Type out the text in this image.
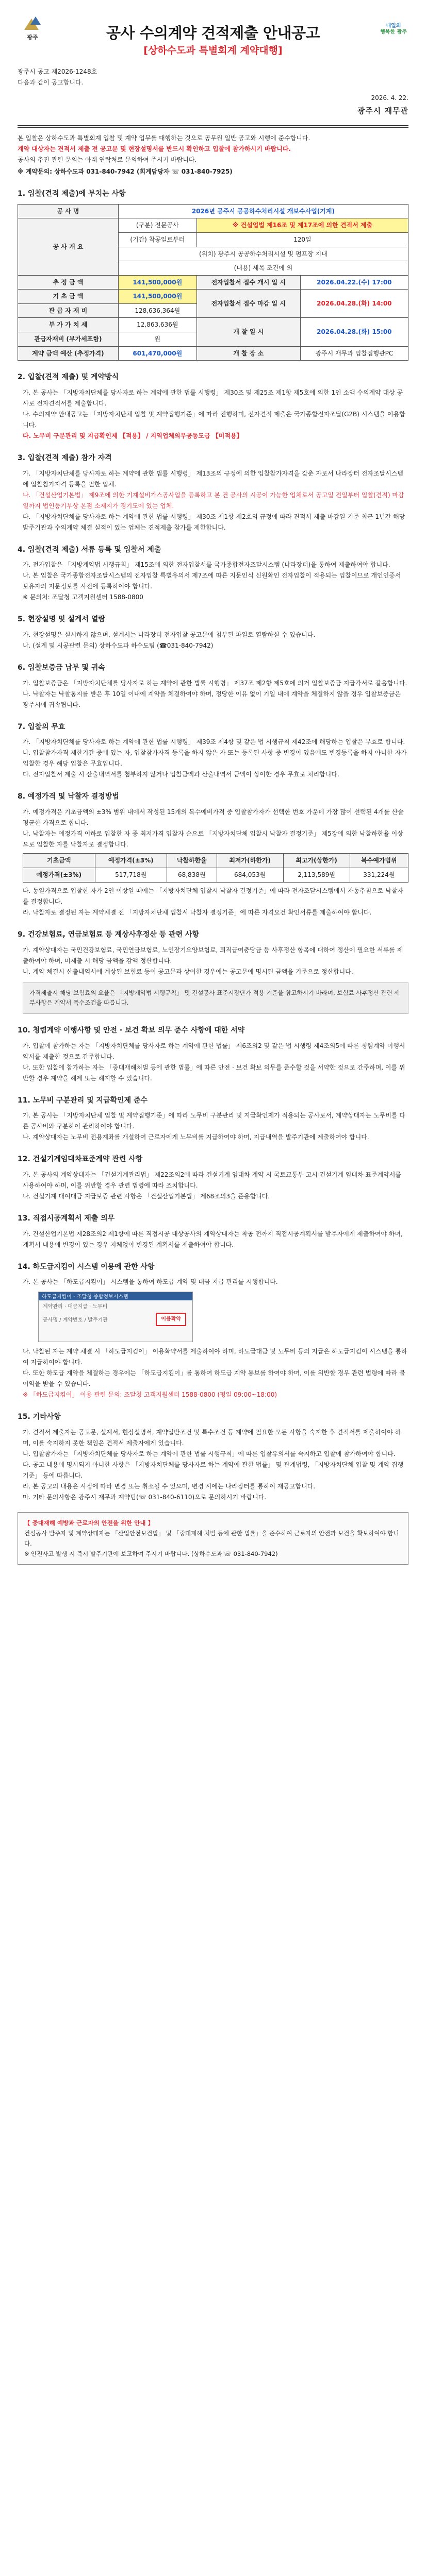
광주	공사 수의계약 견적제출 안내공고
[상하수도과 특별회계 계약대행]
내일의
행복한 광주
광주시 공고 제2026-1248호
다음과 같이 공고합니다.
2026. 4. 22.
광주시 재무관
본 입찰은 상하수도과 특별회계 입찰 및 계약 업무를 대행하는 것으로 공무원 일반 공고와 시행에 준수합니다.
계약 대상자는 견적서 제출 전 공고문 및 현장설명서를 반드시 확인하고 입찰에 참가하시기 바랍니다.
공사의 추진 관련 문의는 아래 연락처로 문의하여 주시기 바랍니다.
※ 계약문의: 상하수도과 031-840-7942 (회계담당자 ☏ 031-840-7925)
1. 입찰(견적 제출)에 부치는 사항
공 사 명	2026년 공주시 공공하수처리시설 개보수사업(기계)		
공 사 개 요	(구분) 전문공사	※ 건설업법 제16조 및 제17조에 의한 견적서 제출	
	(기간) 착공일로부터	120일	
	(위치) 광주시 공공하수처리시설 및 펌프장 지내		
	(내용) 세목 조건에 의		
추 정 금 액	141,500,000원	전자입찰서 접수 개시 일 시	2026.04.22.(수) 17:00
기 초 금 액	141,500,000원	전자입찰서 접수 마감 일 시	2026.04.28.(화) 14:00
관 급 자 재 비	128,636,364원		
부 가 가 치 세	12,863,636원	개 찰 일 시	2026.04.28.(화) 15:00
관급자재비 (부가세포함)	원		
계약 금액 예산 (추정가격)	601,470,000원	개 찰 장 소	광주시 재무과 입찰집행관PC
2. 입찰(견적 제출) 및 계약방식
가. 본 공사는 「지방자치단체를 당사자로 하는 계약에 관한 법률 시행령」 제30조 및 제25조 제1항 제5호에 의한 1인 소액 수의계약 대상 공사로 전자견적서를 제출합니다.
나. 수의계약 안내공고는 「지방자치단체 입찰 및 계약집행기준」에 따라 진행하며, 전자견적 제출은 국가종합전자조달(G2B) 시스템을 이용합니다.
다. 노무비 구분관리 및 지급확인제 【적용】 / 지역업체의무공동도급 【미적용】
3. 입찰(견적 제출) 참가 자격
가. 「지방자치단체를 당사자로 하는 계약에 관한 법률 시행령」 제13조의 규정에 의한 입찰참가자격을 갖춘 자로서 나라장터 전자조달시스템에 입찰참가자격 등록을 필한 업체.
나. 「건설산업기본법」 제9조에 의한 기계설비가스공사업을 등록하고 본 건 공사의 시공이 가능한 업체로서 공고일 전일부터 입찰(견적) 마감일까지 법인등기부상 본점 소재지가 경기도에 있는 업체.
다. 「지방자치단체를 당사자로 하는 계약에 관한 법률 시행령」 제30조 제1항 제2호의 규정에 따라 견적서 제출 마감일 기준 최근 1년간 해당 발주기관과 수의계약 체결 실적이 있는 업체는 견적제출 참가를 제한합니다.
4. 입찰(견적 제출) 서류 등록 및 입찰서 제출
가. 전자입찰은 「지방계약법 시행규칙」 제15조에 의한 전자입찰서를 국가종합전자조달시스템 (나라장터)을 통하여 제출하여야 합니다.
나. 본 입찰은 국가종합전자조달시스템의 전자입찰 특별유의서 제7조에 따른 지문인식 신원확인 전자입찰이 적용되는 입찰이므로 개인인증서 보유자의 지문정보를 사전에 등록하여야 합니다.
※ 문의처: 조달청 고객지원센터 1588-0800
5. 현장설명 및 설계서 열람
가. 현장설명은 실시하지 않으며, 설계서는 나라장터 전자입찰 공고문에 첨부된 파일로 열람하실 수 있습니다.
나. (설계 및 시공관련 문의) 상하수도과 하수도팀 (☎031-840-7942)
6. 입찰보증금 납부 및 귀속
가. 입찰보증금은 「지방자치단체를 당사자로 하는 계약에 관한 법률 시행령」 제37조 제2항 제5호에 의거 입찰보증금 지급각서로 갈음합니다.
나. 낙찰자는 낙찰통지를 받은 후 10일 이내에 계약을 체결하여야 하며, 정당한 이유 없이 기일 내에 계약을 체결하지 않을 경우 입찰보증금은 광주시에 귀속됩니다.
7. 입찰의 무효
가. 「지방자치단체를 당사자로 하는 계약에 관한 법률 시행령」 제39조 제4항 및 같은 법 시행규칙 제42조에 해당하는 입찰은 무효로 합니다.
나. 입찰참가자격 제한기간 중에 있는 자, 입찰참가자격 등록을 하지 않은 자 또는 등록된 사항 중 변경이 있음에도 변경등록을 하지 아니한 자가 입찰한 경우 해당 입찰은 무효입니다.
다. 전자입찰서 제출 시 산출내역서를 첨부하지 않거나 입찰금액과 산출내역서 금액이 상이한 경우 무효로 처리합니다.
8. 예정가격 및 낙찰자 결정방법
가. 예정가격은 기초금액의 ±3% 범위 내에서 작성된 15개의 복수예비가격 중 입찰참가자가 선택한 번호 가운데 가장 많이 선택된 4개를 산술평균한 가격으로 합니다.
나. 낙찰자는 예정가격 이하로 입찰한 자 중 최저가격 입찰자 순으로 「지방자치단체 입찰시 낙찰자 결정기준」 제5장에 의한 낙찰하한율 이상으로 입찰한 자를 낙찰자로 결정합니다.
기초금액	예정가격(±3%)	낙찰하한율	최저가(하한가)	최고가(상한가)	복수예가범위
예정가격(±3%)	517,718원	68,838원	684,053원	2,113,589원	331,224원
다. 동일가격으로 입찰한 자가 2인 이상일 때에는 「지방자치단체 입찰시 낙찰자 결정기준」에 따라 전자조달시스템에서 자동추첨으로 낙찰자를 결정합니다.
라. 낙찰자로 결정된 자는 계약체결 전 「지방자치단체 입찰시 낙찰자 결정기준」에 따른 자격요건 확인서류를 제출하여야 합니다.
9. 건강보험료, 연금보험료 등 계상사후정산 등 관련 사항
가. 계약상대자는 국민건강보험료, 국민연금보험료, 노인장기요양보험료, 퇴직급여충당금 등 사후정산 항목에 대하여 정산에 필요한 서류를 제출하여야 하며, 미제출 시 해당 금액을 감액 정산합니다.
나. 계약 체결시 산출내역서에 계상된 보험료 등이 공고문과 상이한 경우에는 공고문에 명시된 금액을 기준으로 정산합니다.
가격제출시 해당 보험료의 요율은 「지방계약법 시행규칙」 및 건설공사 표준시장단가 적용 기준을 참고하시기 바라며, 보험료 사후정산 관련 세부사항은 계약서 특수조건을 따릅니다.
10. 청렴계약 이행사항 및 안전 · 보건 확보 의무 준수 사항에 대한 서약
가. 입찰에 참가하는 자는 「지방자치단체를 당사자로 하는 계약에 관한 법률」 제6조의2 및 같은 법 시행령 제4조의5에 따른 청렴계약 이행서약서를 제출한 것으로 간주합니다.
나. 또한 입찰에 참가하는 자는 「중대재해처벌 등에 관한 법률」에 따른 안전 · 보건 확보 의무를 준수할 것을 서약한 것으로 간주하며, 이를 위반할 경우 계약을 해제 또는 해지할 수 있습니다.
11. 노무비 구분관리 및 지급확인제 준수
가. 본 공사는 「지방자치단체 입찰 및 계약집행기준」에 따라 노무비 구분관리 및 지급확인제가 적용되는 공사로서, 계약상대자는 노무비를 다른 공사비와 구분하여 관리하여야 합니다.
나. 계약상대자는 노무비 전용계좌를 개설하여 근로자에게 노무비를 지급하여야 하며, 지급내역을 발주기관에 제출하여야 합니다.
12. 건설기계임대차표준계약 관련 사항
가. 본 공사의 계약상대자는 「건설기계관리법」 제22조의2에 따라 건설기계 임대차 계약 시 국토교통부 고시 건설기계 임대차 표준계약서를 사용하여야 하며, 이를 위반할 경우 관련 법령에 따라 조치합니다.
나. 건설기계 대여대금 지급보증 관련 사항은 「건설산업기본법」 제68조의3을 준용합니다.
13. 직접시공계획서 제출 의무
가. 건설산업기본법 제28조의2 제1항에 따른 직접시공 대상공사의 계약상대자는 착공 전까지 직접시공계획서를 발주자에게 제출하여야 하며, 계획서 내용에 변경이 있는 경우 지체없이 변경된 계획서를 제출하여야 합니다.
14. 하도급지킴이 시스템 이용에 관한 사항
가. 본 공사는 「하도급지킴이」 시스템을 통하여 하도급 계약 및 대금 지급 관리를 시행합니다.
하도급지킴이 - 조달청 종합정보시스템
계약관리 · 대금지급 · 노무비
공사명 / 계약번호 / 발주기관	이용확약
나. 낙찰된 자는 계약 체결 시 「하도급지킴이」 이용확약서를 제출하여야 하며, 하도급대금 및 노무비 등의 지급은 하도급지킴이 시스템을 통하여 지급하여야 합니다.
다. 또한 하도급 계약을 체결하는 경우에는 「하도급지킴이」를 통하여 하도급 계약 통보를 하여야 하며, 이를 위반할 경우 관련 법령에 따라 불이익을 받을 수 있습니다.
※ 「하도급지킴이」 이용 관련 문의: 조달청 고객지원센터 1588-0800 (평일 09:00~18:00)
15. 기타사항
가. 견적서 제출자는 공고문, 설계서, 현장설명서, 계약일반조건 및 특수조건 등 계약에 필요한 모든 사항을 숙지한 후 견적서를 제출하여야 하며, 이를 숙지하지 못한 책임은 견적서 제출자에게 있습니다.
나. 입찰참가자는 「지방자치단체를 당사자로 하는 계약에 관한 법률 시행규칙」에 따른 입찰유의서를 숙지하고 입찰에 참가하여야 합니다.
다. 공고 내용에 명시되지 아니한 사항은 「지방자치단체를 당사자로 하는 계약에 관한 법률」 및 관계법령, 「지방자치단체 입찰 및 계약 집행기준」 등에 따릅니다.
라. 본 공고의 내용은 사정에 따라 변경 또는 취소될 수 있으며, 변경 시에는 나라장터를 통하여 재공고합니다.
마. 기타 문의사항은 광주시 재무과 계약팀(☏ 031-840-6110)으로 문의하시기 바랍니다.
【 중대재해 예방과 근로자의 안전을 위한 안내 】
건설공사 발주자 및 계약상대자는 「산업안전보건법」 및 「중대재해 처벌 등에 관한 법률」을 준수하여 근로자의 안전과 보건을 확보하여야 합니다.
※ 안전사고 발생 시 즉시 발주기관에 보고하여 주시기 바랍니다. (상하수도과 ☏ 031-840-7942)
